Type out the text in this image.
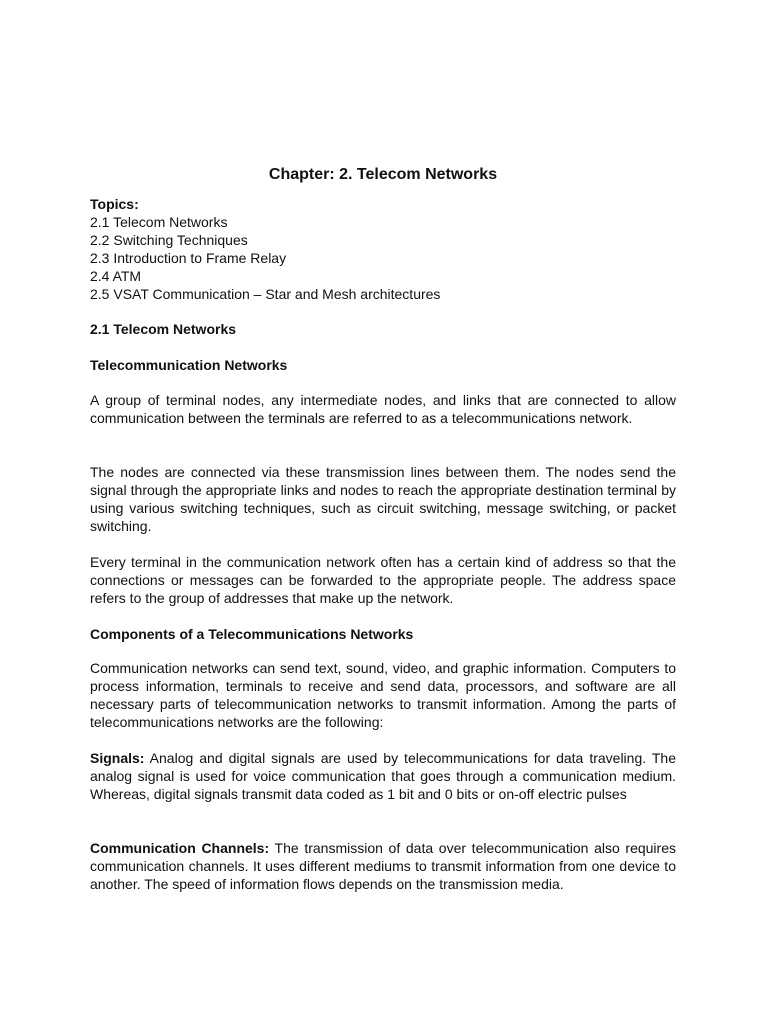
Chapter: 2. Telecom Networks

Topics:

2.1 Telecom Networks
2.2 Switching Techniques
2.3 Introduction to Frame Relay
2.4 ATM
2.5 VSAT Communication – Star and Mesh architectures
2.1 Telecom Networks
Telecommunication Networks

A group of terminal nodes, any intermediate nodes, and links that are connected to allow communication between the terminals are referred to as a telecommunications network.

The nodes are connected via these transmission lines between them. The nodes send the signal through the appropriate links and nodes to reach the appropriate destination terminal by using various switching techniques, such as circuit switching, message switching, or packet switching.

Every terminal in the communication network often has a certain kind of address so that the connections or messages can be forwarded to the appropriate people. The address space refers to the group of addresses that make up the network.

Components of a Telecommunications Networks

Communication networks can send text, sound, video, and graphic information. Computers to process information, terminals to receive and send data, processors, and software are all necessary parts of telecommunication networks to transmit information. Among the parts of telecommunications networks are the following:

Signals: Analog and digital signals are used by telecommunications for data traveling. The analog signal is used for voice communication that goes through a communication medium. Whereas, digital signals transmit data coded as 1 bit and 0 bits or on-off electric pulses

Communication Channels: The transmission of data over telecommunication also requires communication channels. It uses different mediums to transmit information from one device to another. The speed of information flows depends on the transmission media.
